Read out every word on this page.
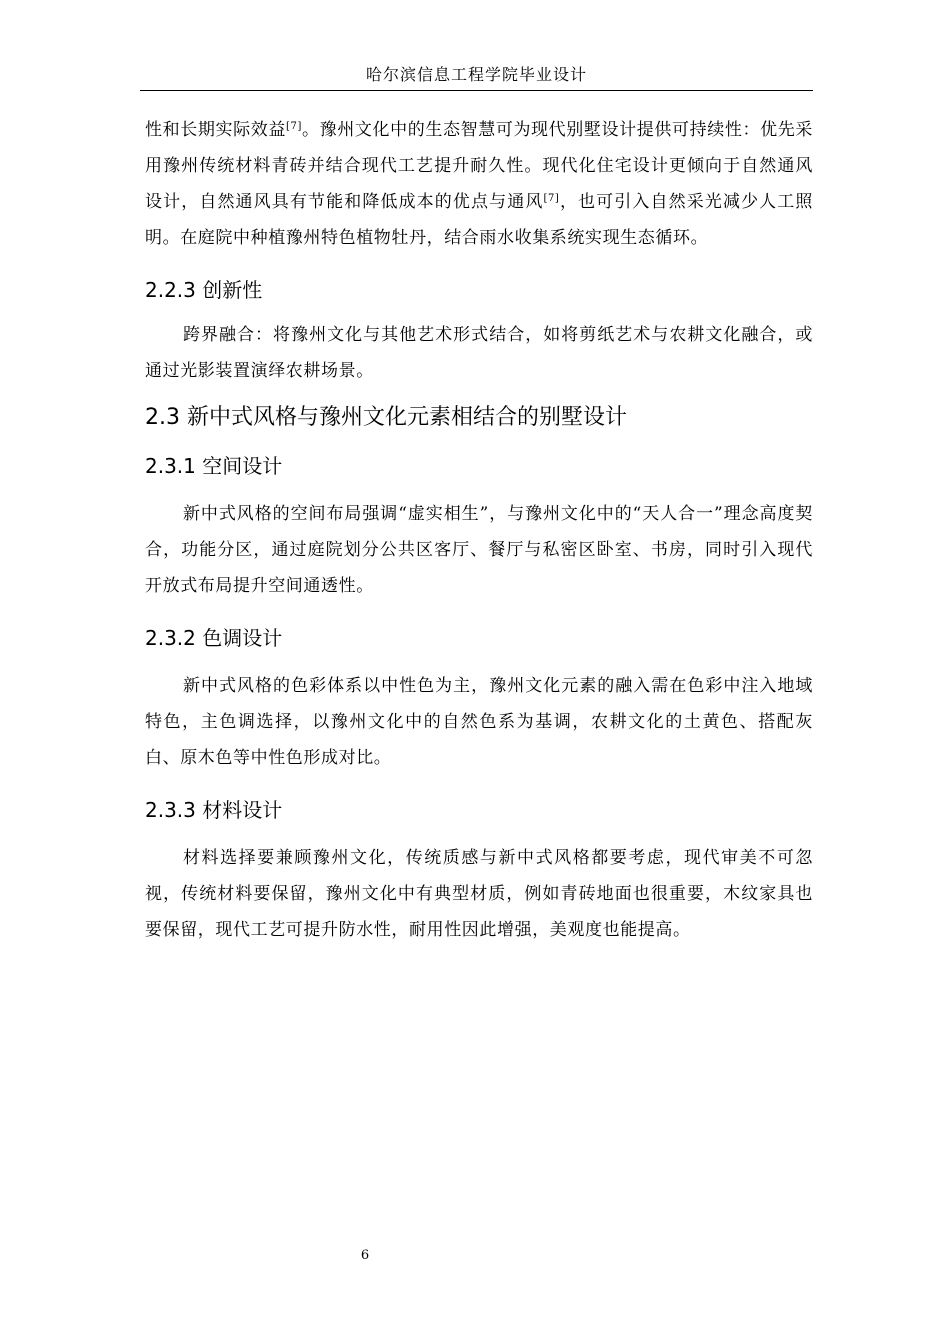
哈尔滨信息工程学院毕业设计

性和长期实际效益[7]。豫州文化中的生态智慧可为现代别墅设计提供可持续性：优先采用豫州传统材料青砖并结合现代工艺提升耐久性。现代化住宅设计更倾向于自然通风设计，自然通风具有节能和降低成本的优点与通风[7]，也可引入自然采光减少人工照明。在庭院中种植豫州特色植物牡丹，结合雨水收集系统实现生态循环。

2.2.3 创新性

跨界融合：将豫州文化与其他艺术形式结合，如将剪纸艺术与农耕文化融合，或通过光影装置演绎农耕场景。

2.3 新中式风格与豫州文化元素相结合的别墅设计
2.3.1 空间设计

新中式风格的空间布局强调“虚实相生”，与豫州文化中的“天人合一”理念高度契合，功能分区，通过庭院划分公共区客厅、餐厅与私密区卧室、书房，同时引入现代开放式布局提升空间通透性。

2.3.2 色调设计

新中式风格的色彩体系以中性色为主，豫州文化元素的融入需在色彩中注入地域特色，主色调选择，以豫州文化中的自然色系为基调，农耕文化的土黄色、搭配灰白、原木色等中性色形成对比。

2.3.3 材料设计

材料选择要兼顾豫州文化，传统质感与新中式风格都要考虑，现代审美不可忽视，传统材料要保留，豫州文化中有典型材质，例如青砖地面也很重要，木纹家具也要保留，现代工艺可提升防水性，耐用性因此增强，美观度也能提高。

6
